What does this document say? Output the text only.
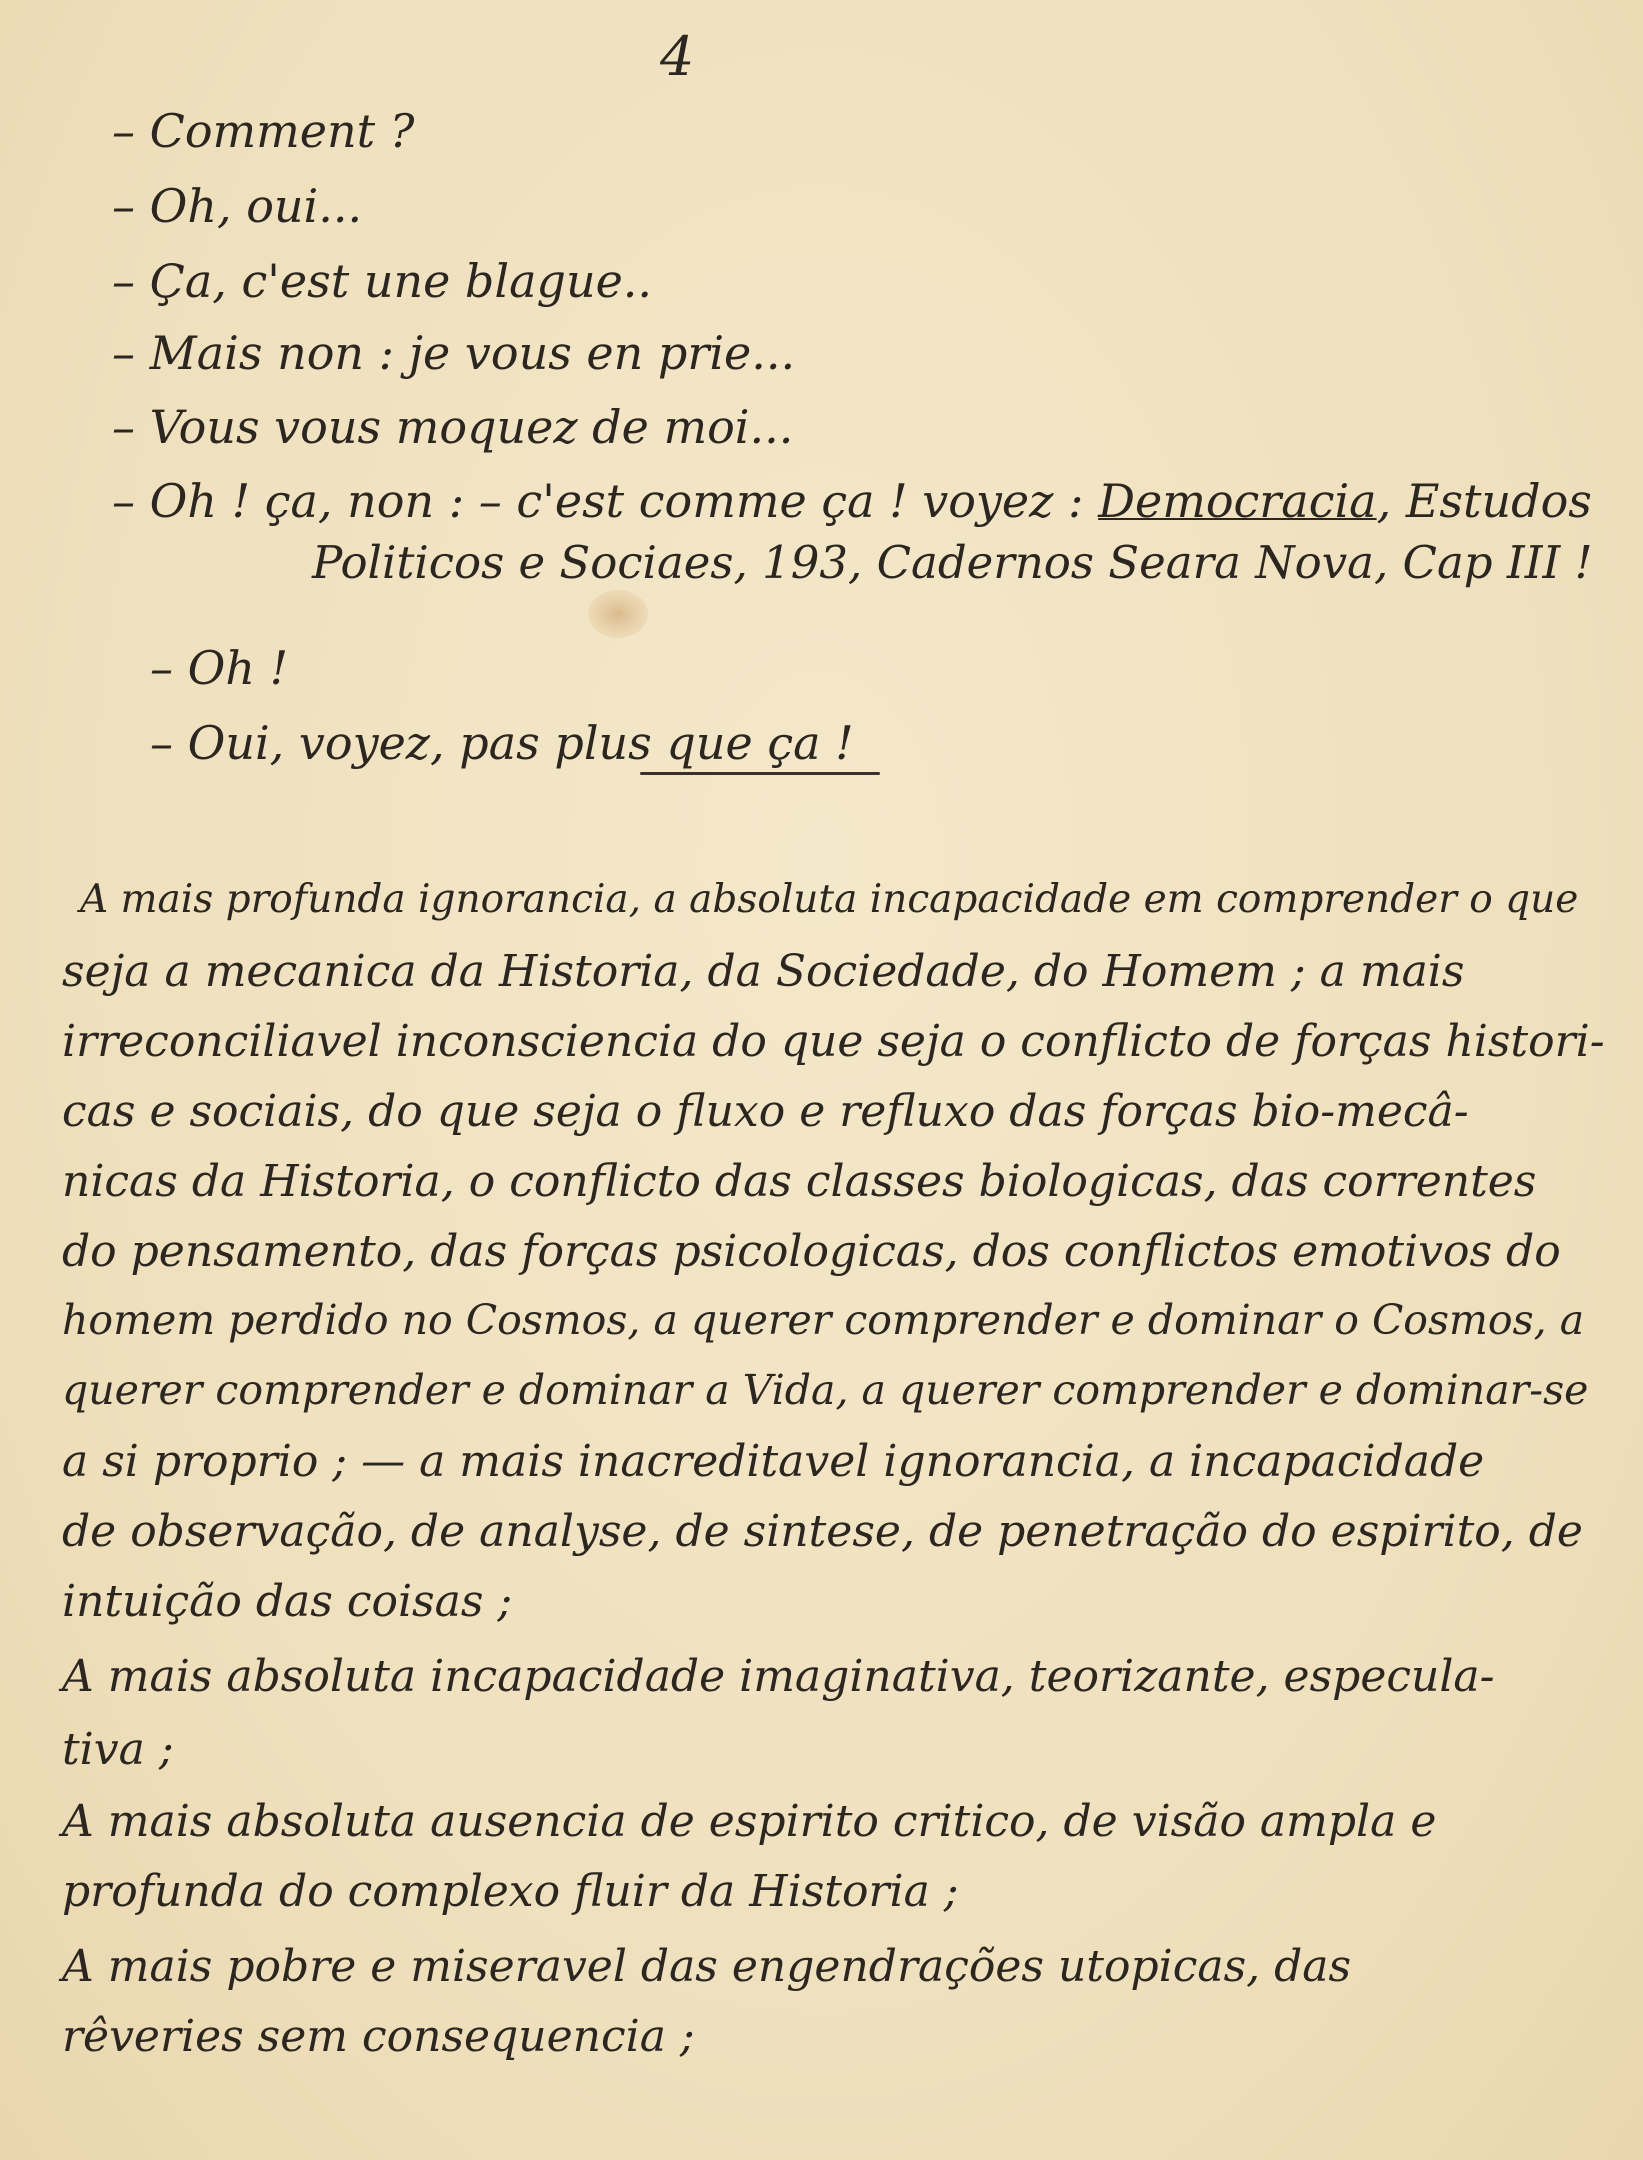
4
– Comment ?
– Oh, oui...
– Ça, c'est une blague..
– Mais non : je vous en prie...
– Vous vous moquez de moi...
– Oh ! ça, non : – c'est comme ça ! voyez : Democracia, Estudos
Politicos e Sociaes, 193, Cadernos Seara Nova, Cap III !
– Oh !
– Oui, voyez, pas plus que ça !
A mais profunda ignorancia, a absoluta incapacidade em comprender o que
seja a mecanica da Historia, da Sociedade, do Homem ; a mais
irreconciliavel inconsciencia do que seja o conflicto de forças histori-
cas e sociais, do que seja o fluxo e refluxo das forças bio-mecâ-
nicas da Historia, o conflicto das classes biologicas, das correntes
do pensamento, das forças psicologicas, dos conflictos emotivos do
homem perdido no Cosmos, a querer comprender e dominar o Cosmos, a
querer comprender e dominar a Vida, a querer comprender e dominar-se
a si proprio ; — a mais inacreditavel ignorancia, a incapacidade
de observação, de analyse, de sintese, de penetração do espirito, de
intuição das coisas ;
A mais absoluta incapacidade imaginativa, teorizante, especula-
tiva ;
A mais absoluta ausencia de espirito critico, de visão ampla e
profunda do complexo fluir da Historia ;
A mais pobre e miseravel das engendrações utopicas, das
rêveries sem consequencia ;
